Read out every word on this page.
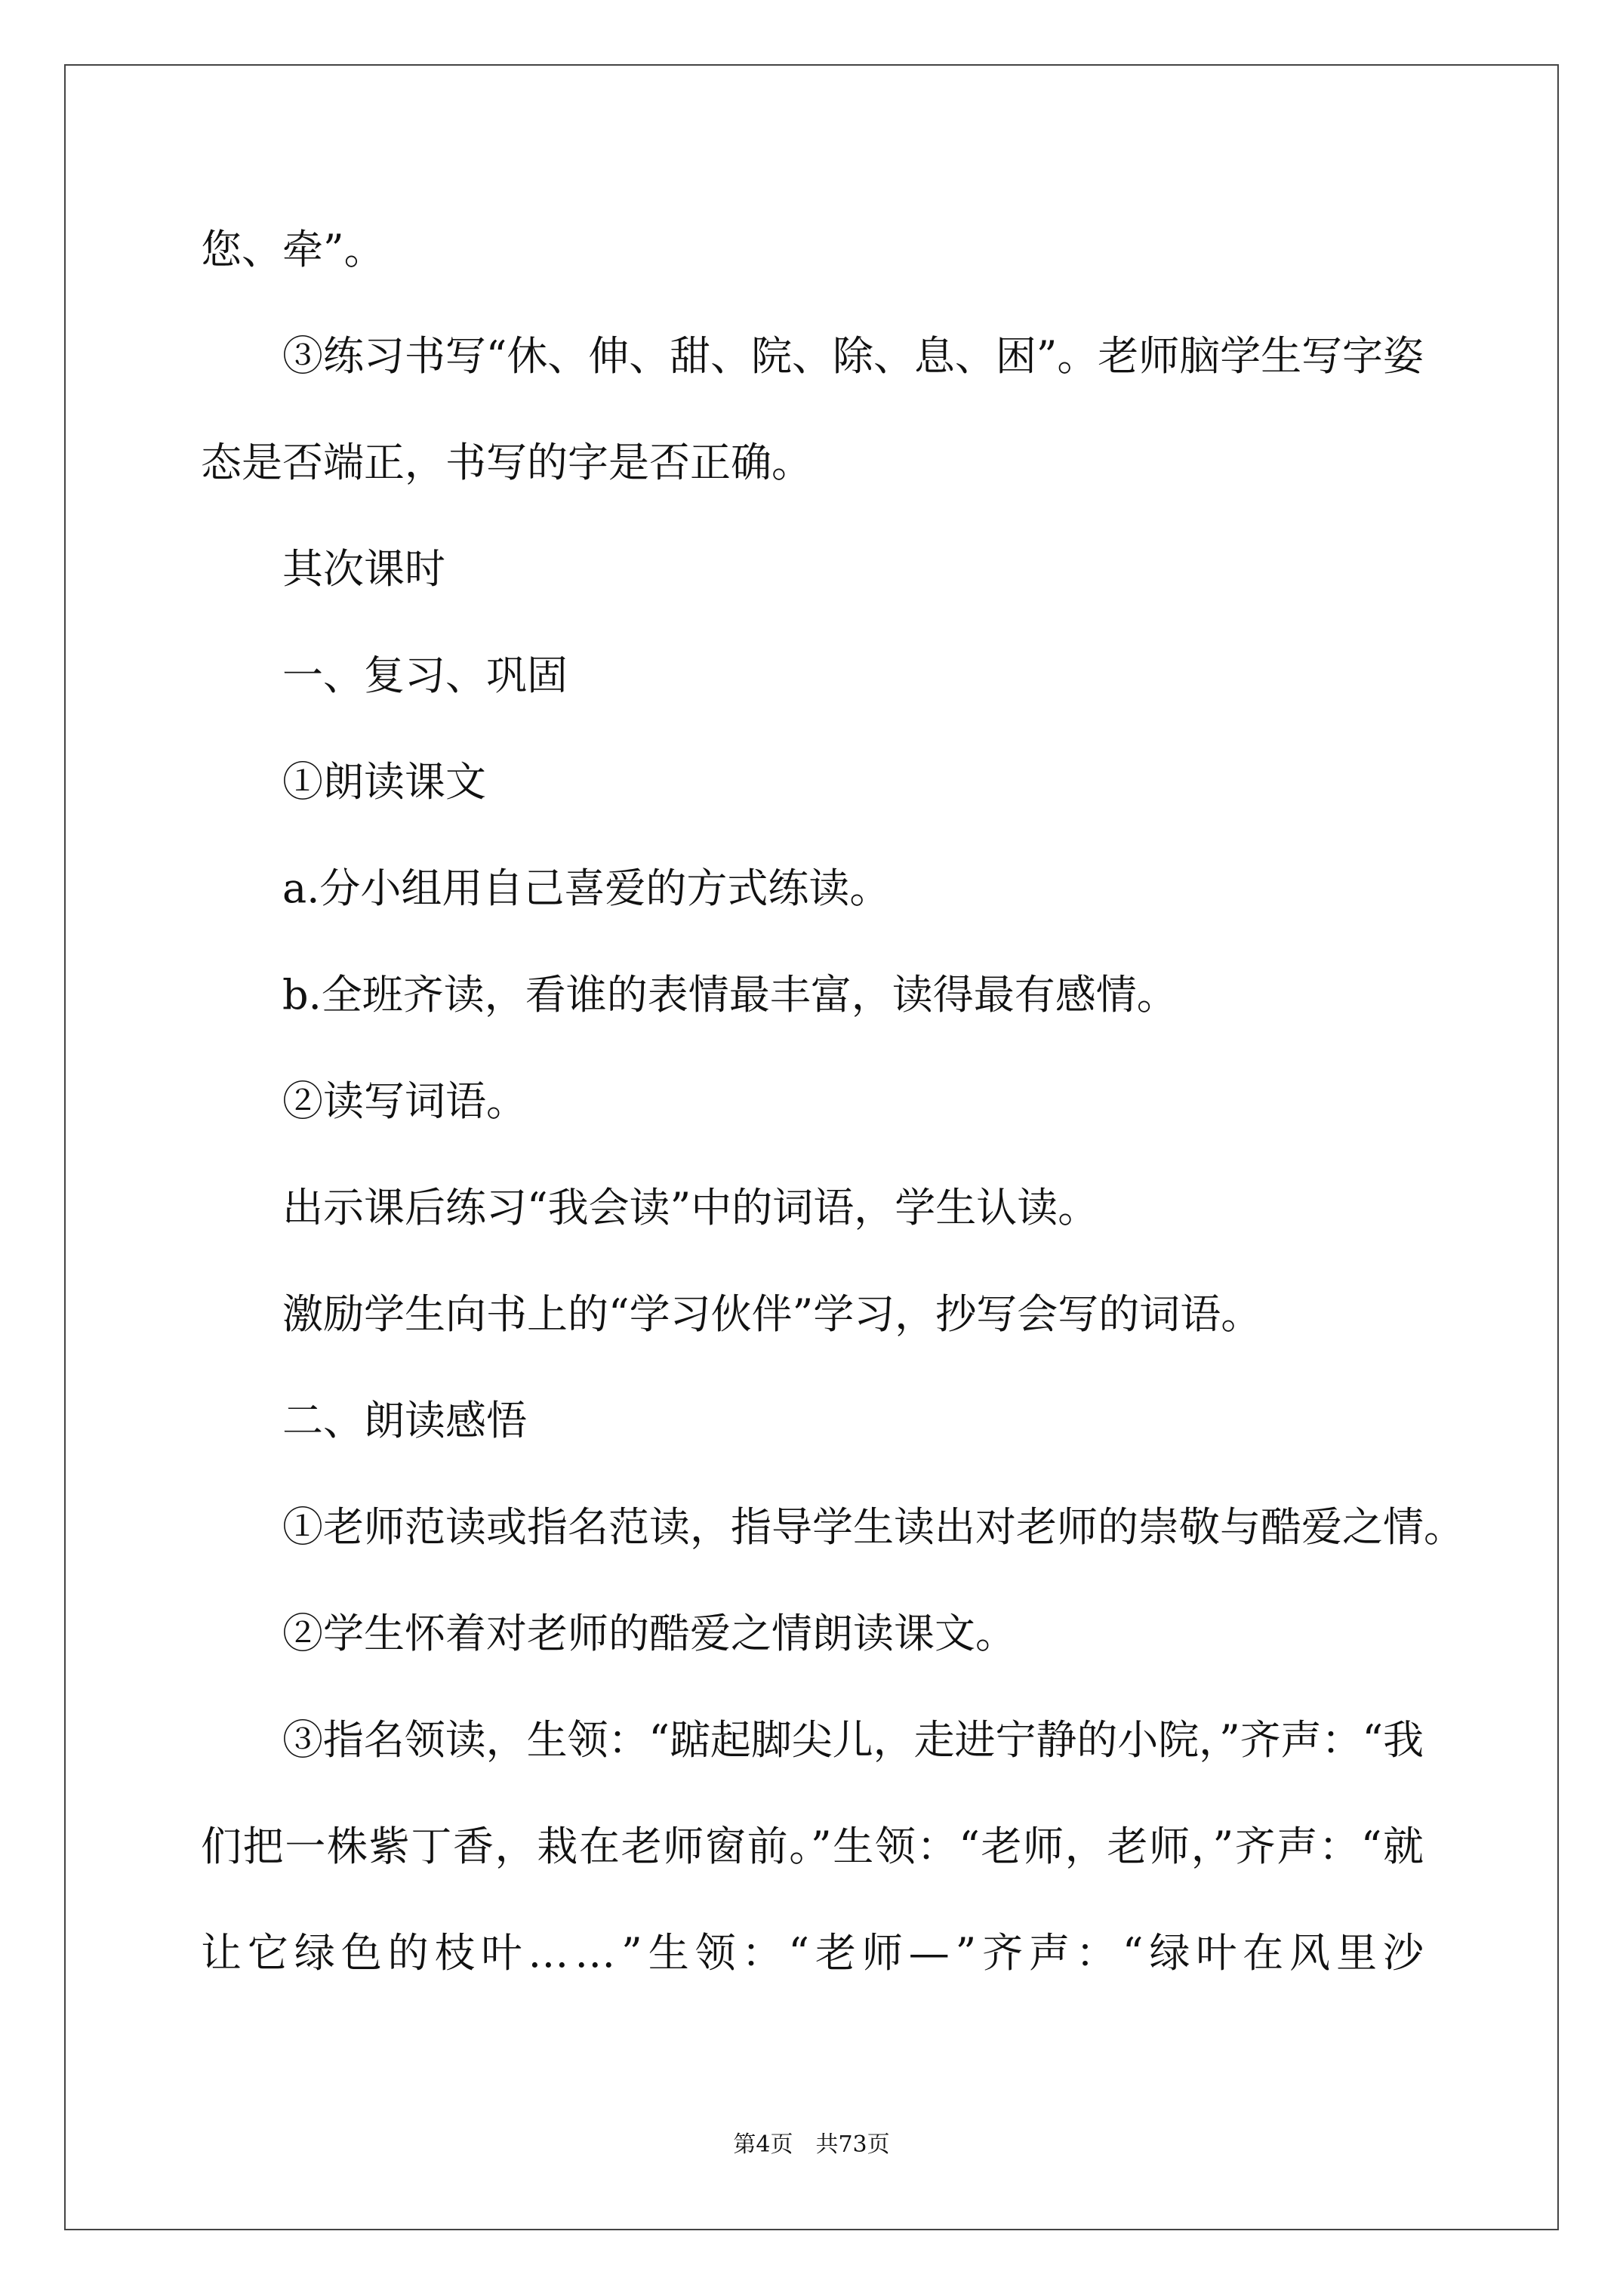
您、牵”。
③练习书写“休、伸、甜、院、除、息、困”。老师脑学生写字姿
态是否端正，书写的字是否正确。
其次课时
一、复习、巩固
①朗读课文
a.分小组用自己喜爱的方式练读。
b.全班齐读，看谁的表情最丰富，读得最有感情。
②读写词语。
出示课后练习“我会读”中的词语，学生认读。
激励学生向书上的“学习伙伴”学习，抄写会写的词语。
二、朗读感悟
①老师范读或指名范读，指导学生读出对老师的崇敬与酷爱之情。
②学生怀着对老师的酷爱之情朗读课文。
③指名领读，生领：“踮起脚尖儿，走进宁静的小院，”齐声：“我
们把一株紫丁香，栽在老师窗前。”生领：“老师，老师，”齐声：“就
让它绿色的枝叶……”生领：“老师—”齐声：“绿叶在风里沙
第4页　共73页
